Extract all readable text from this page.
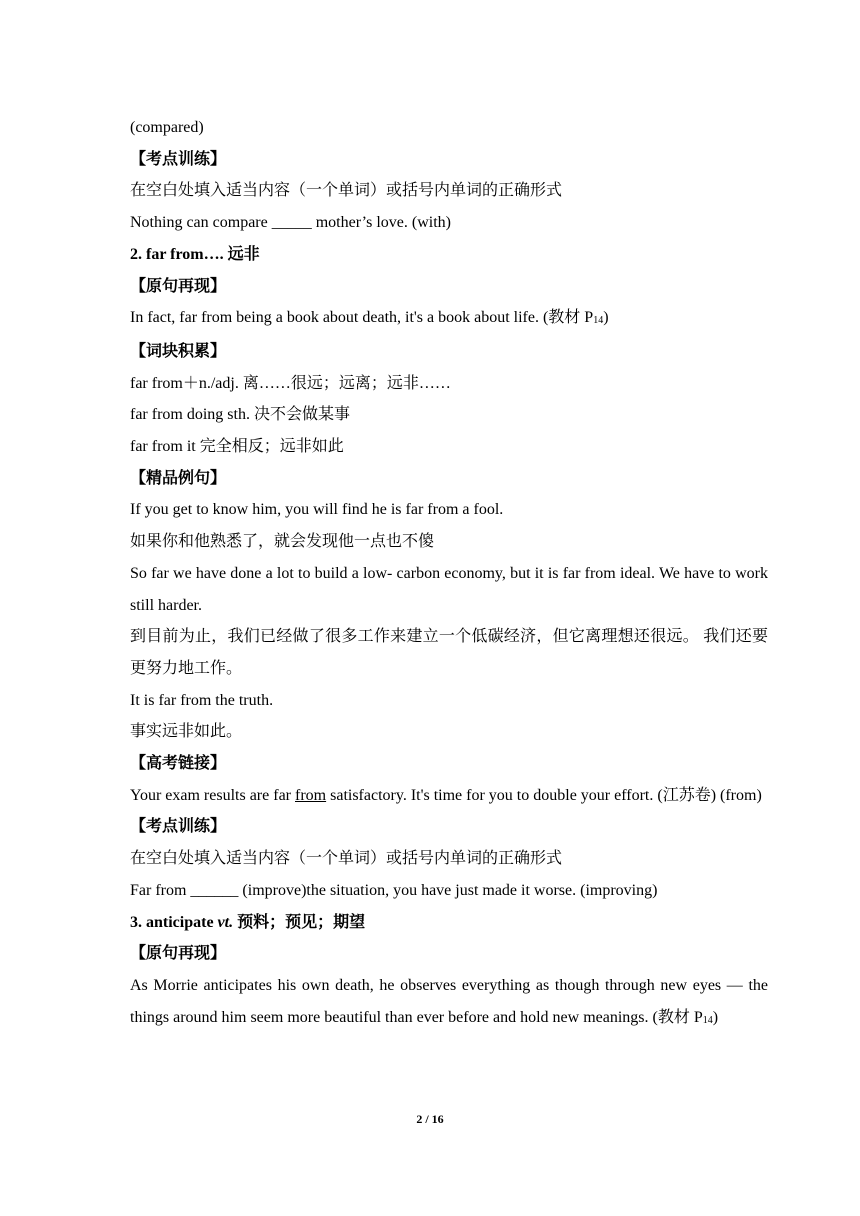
(compared)
【考点训练】
在空白处填入适当内容（一个单词）或括号内单词的正确形式
Nothing can compare _____ mother’s love. (with)
2. far from…. 远非
【原句再现】
In fact, far from being a book about death, it's a book about life. (教材 $P_{14}$)
【词块积累】
far from＋n./adj. 离……很远；远离；远非……
far from doing sth. 决不会做某事
far from it 完全相反；远非如此
【精品例句】
If you get to know him, you will find he is far from a fool.
如果你和他熟悉了，就会发现他一点也不傻
So far we have done a lot to build a low- carbon economy, but it is far from ideal. We have to work still harder.
到目前为止，我们已经做了很多工作来建立一个低碳经济，但它离理想还很远。 我们还要更努力地工作。
It is far from the truth.
事实远非如此。
【高考链接】
Your exam results are far from satisfactory. It's time for you to double your effort. (江苏卷) (from)
【考点训练】
在空白处填入适当内容（一个单词）或括号内单词的正确形式
Far from ______ (improve)the situation, you have just made it worse. (improving)
3. anticipate vt. 预料；预见；期望
【原句再现】
As Morrie anticipates his own death, he observes everything as though through new eyes — the things around him seem more beautiful than ever before and hold new meanings. (教材 $P_{14}$)
2 / 16
